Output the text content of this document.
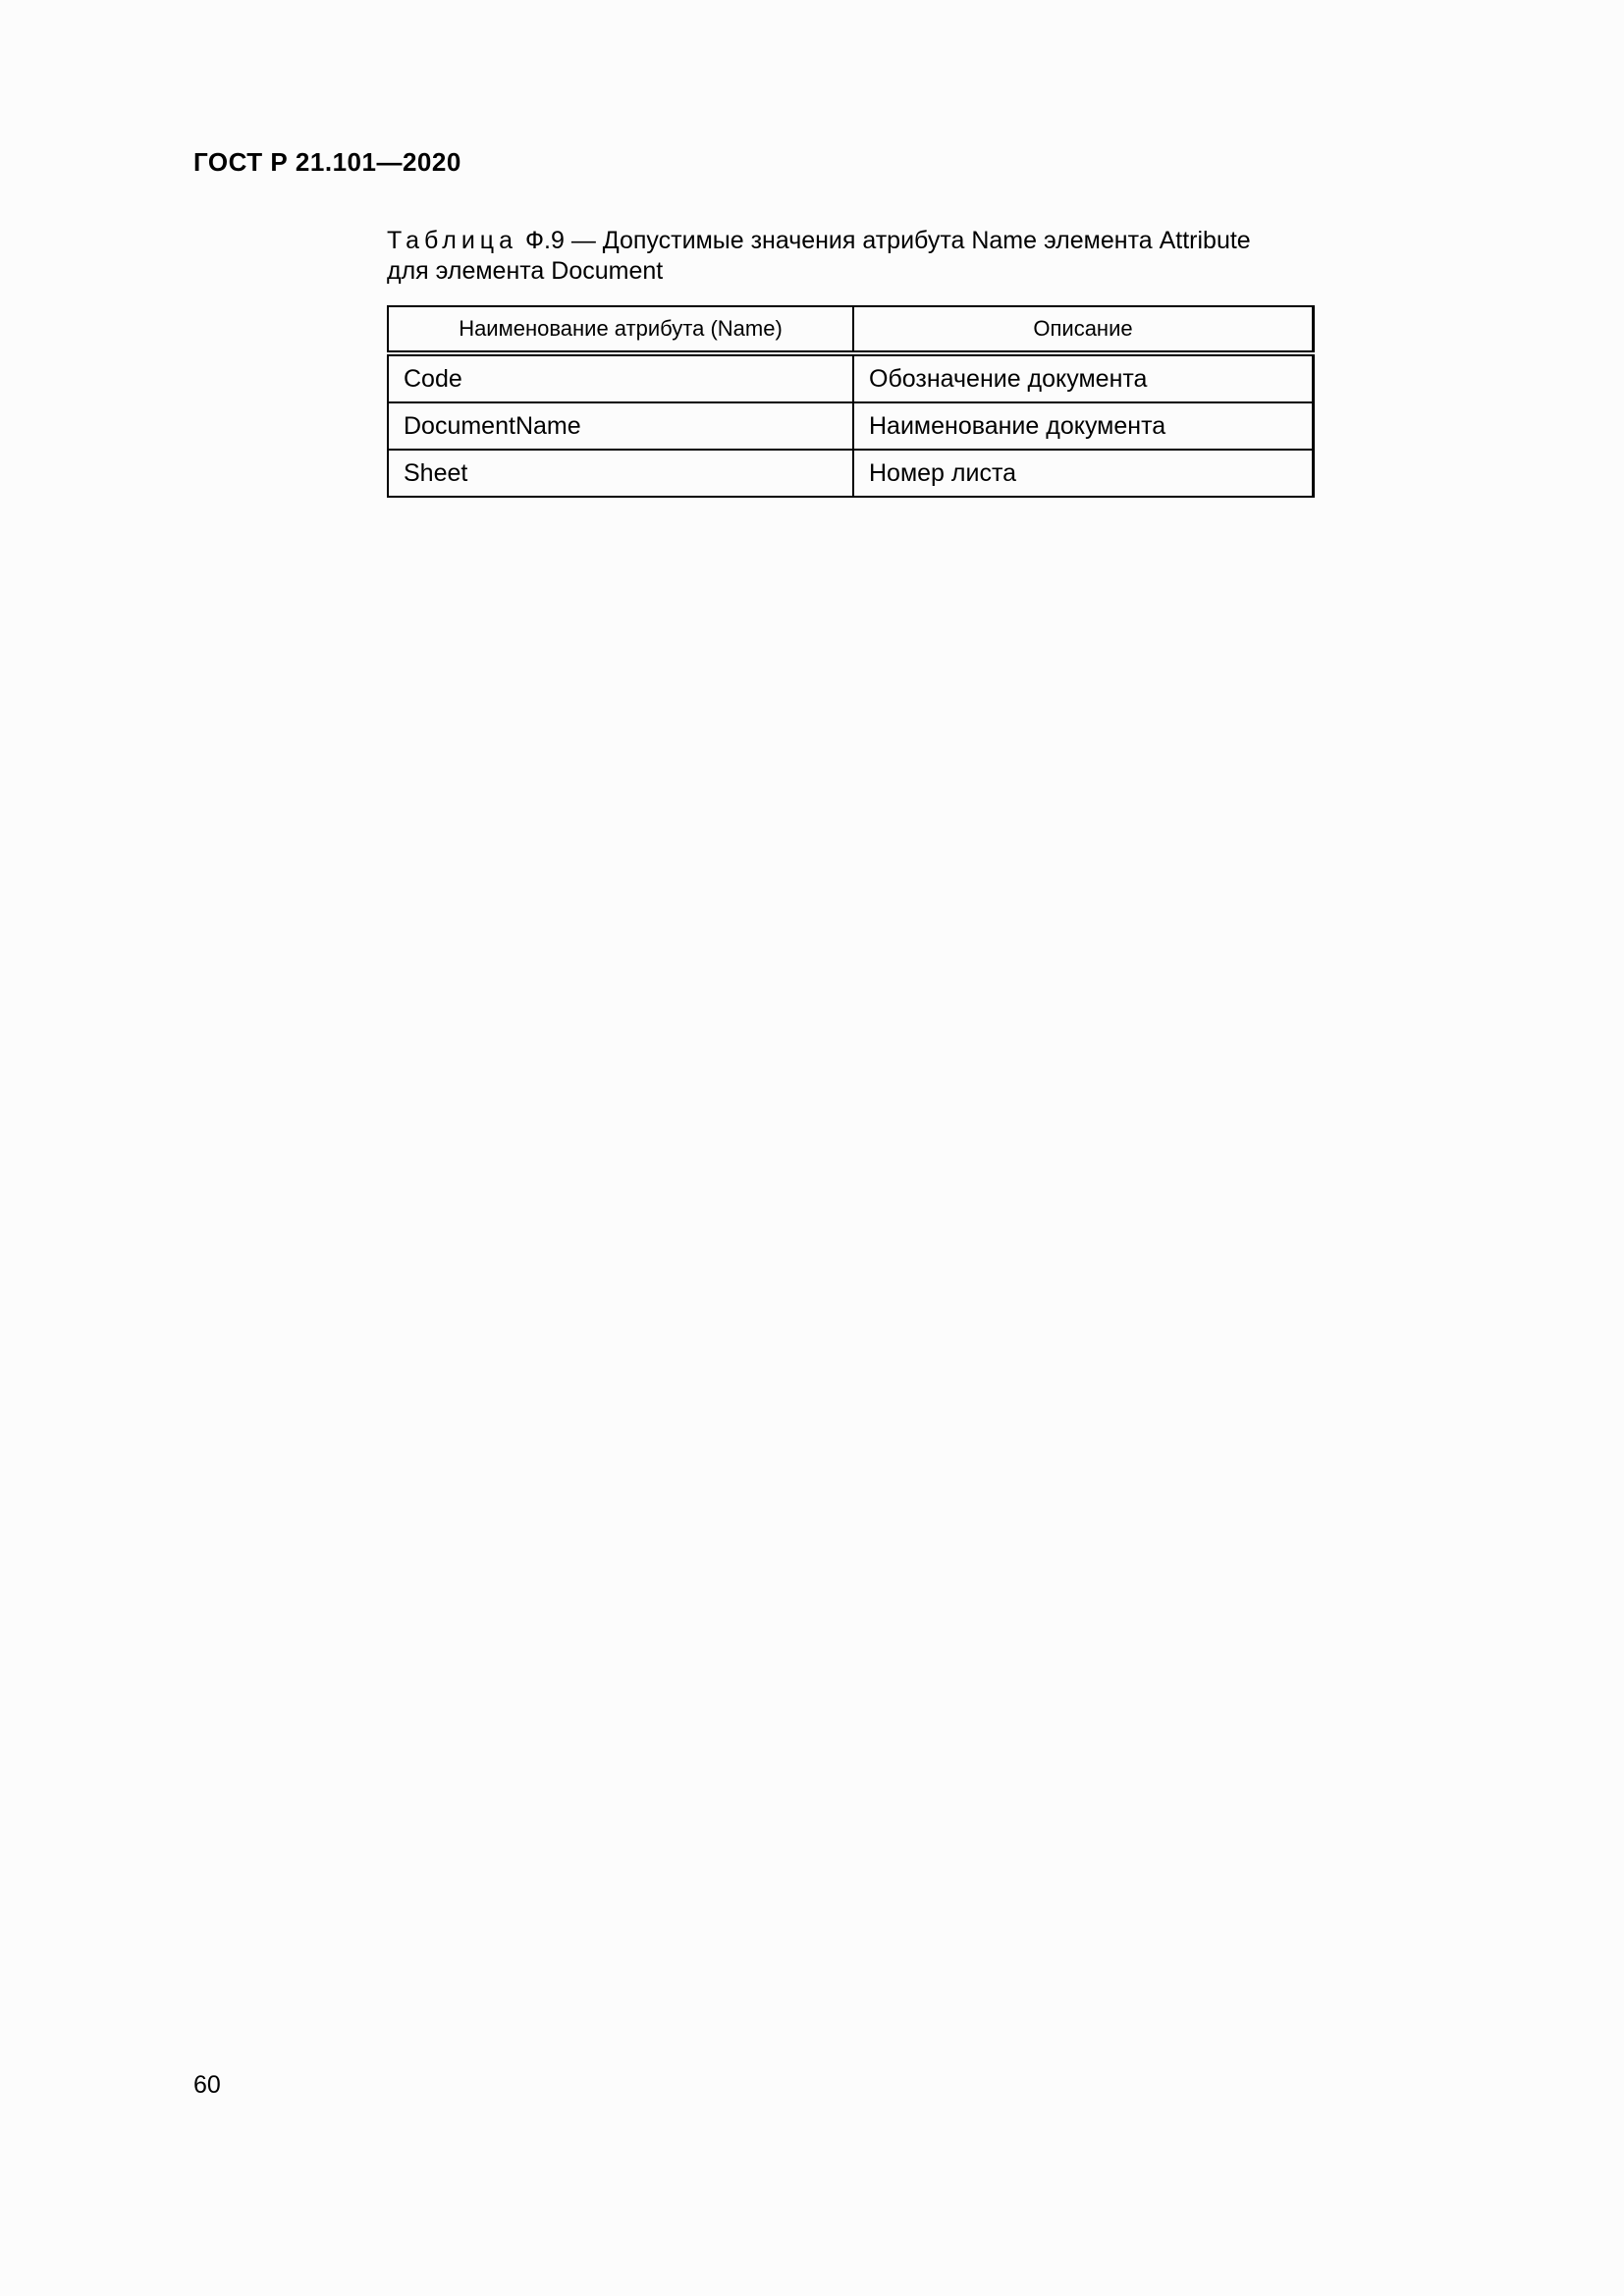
ГОСТ Р 21.101—2020
Таблица Ф.9 — Допустимые значения атрибута Name элемента Attribute
для элемента Document
Наименование атрибута (Name)	Описание
Code	Обозначение документа
DocumentName	Наименование документа
Sheet	Номер листа
60
